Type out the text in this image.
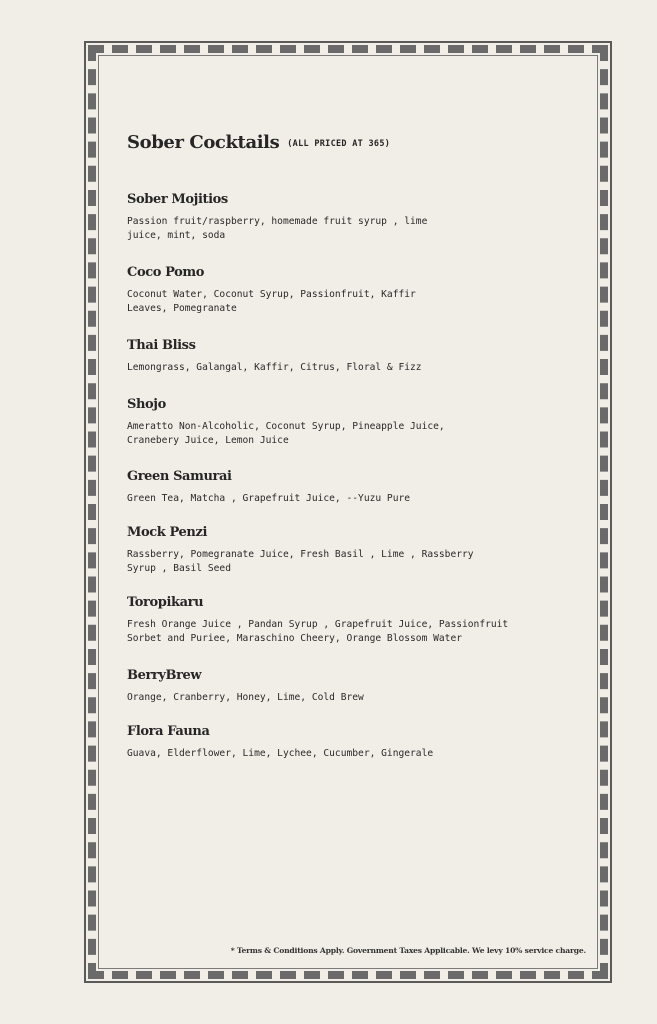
Sober Cocktails (ALL PRICED AT 365)
Sober Mojitios

Passion fruit/raspberry, homemade fruit syrup , lime
juice, mint, soda

Coco Pomo

Coconut Water, Coconut Syrup, Passionfruit, Kaffir
Leaves, Pomegranate

Thai Bliss

Lemongrass, Galangal, Kaffir, Citrus, Floral & Fizz

Shojo

Ameratto Non-Alcoholic, Coconut Syrup, Pineapple Juice,
Cranebery Juice, Lemon Juice

Green Samurai

Green Tea, Matcha , Grapefruit Juice, --Yuzu Pure

Mock Penzi

Rassberry, Pomegranate Juice, Fresh Basil , Lime , Rassberry
Syrup , Basil Seed

Toropikaru

Fresh Orange Juice , Pandan Syrup , Grapefruit Juice, Passionfruit
Sorbet and Puriee, Maraschino Cheery, Orange Blossom Water

BerryBrew

Orange, Cranberry, Honey, Lime, Cold Brew

Flora Fauna

Guava, Elderflower, Lime, Lychee, Cucumber, Gingerale

* Terms & Conditions Apply. Government Taxes Applicable. We levy 10% service charge.
